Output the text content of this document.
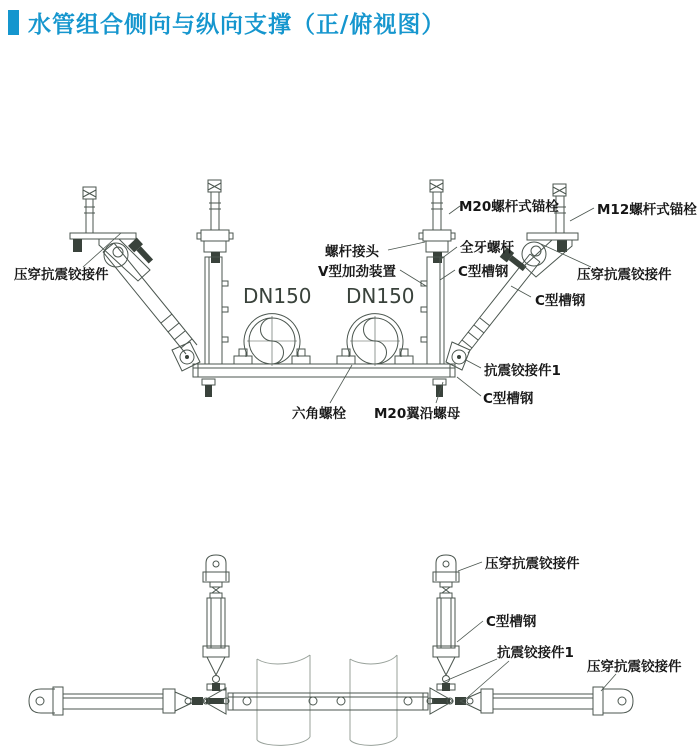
水管组合侧向与纵向支撑（正/俯视图）
M20螺杆式锚栓	M12螺杆式锚栓
螺杆接头	全牙螺杆
V型加劲装置	C型槽钢
压穿抗震铰接件	压穿抗震铰接件
DN150 DN150	C型槽钢
抗震铰接件1
C型槽钢
六角螺栓 M20翼沿螺母
压穿抗震铰接件
C型槽钢
抗震铰接件1
压穿抗震铰接件
